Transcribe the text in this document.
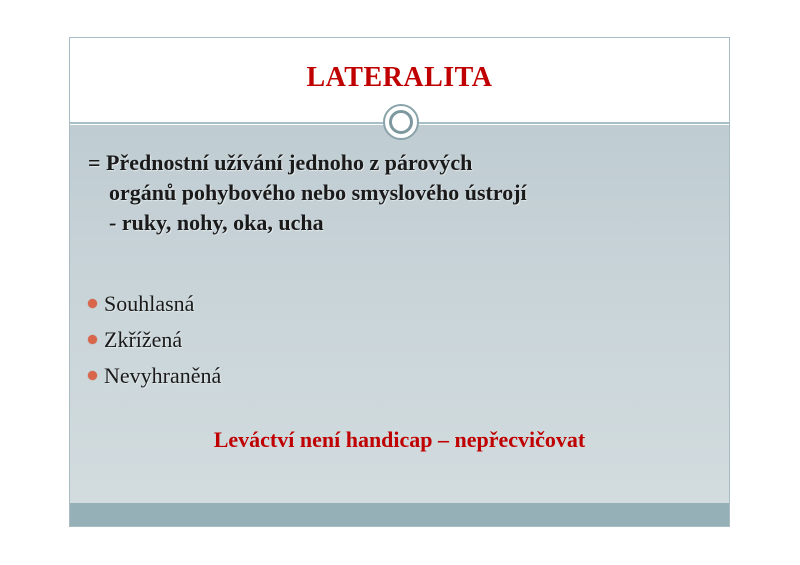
LATERALITA
= Přednostní užívání jednoho z párových
orgánů pohybového nebo smyslového ústrojí
- ruky, nohy, oka, ucha
Souhlasná
Zkřížená
Nevyhraněná
Leváctví není handicap – nepřecvičovat
